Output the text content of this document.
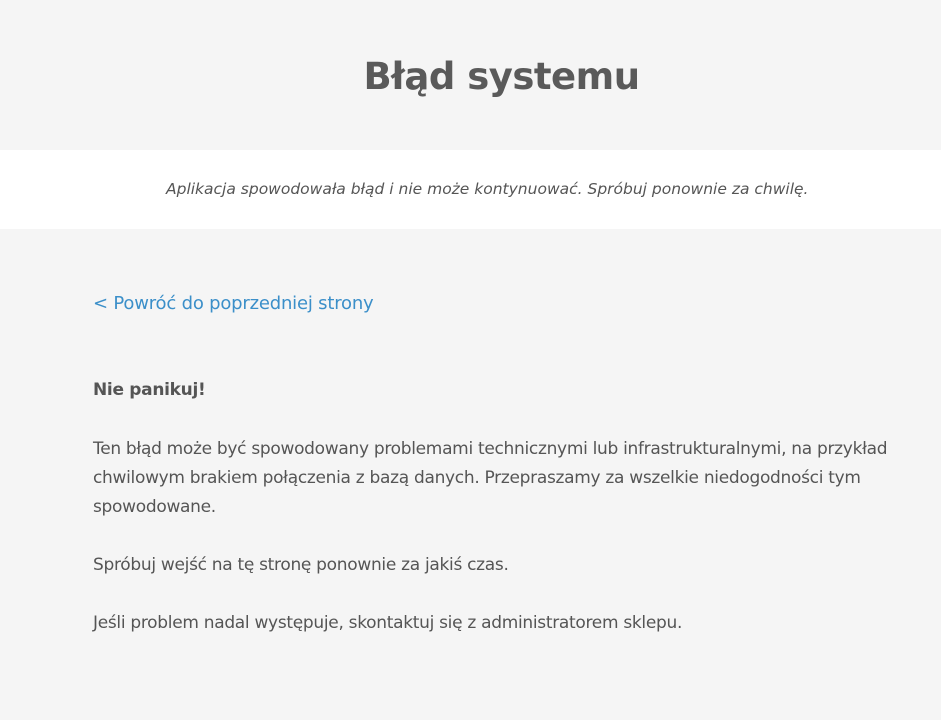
Błąd systemu

Aplikacja spowodowała błąd i nie może kontynuować. Spróbuj ponownie za chwilę.

< Powróć do poprzedniej strony

Nie panikuj!

Ten błąd może być spowodowany problemami technicznymi lub infrastrukturalnymi, na przykład chwilowym brakiem połączenia z bazą danych. Przepraszamy za wszelkie niedogodności tym spowodowane.

Spróbuj wejść na tę stronę ponownie za jakiś czas.

Jeśli problem nadal występuje, skontaktuj się z administratorem sklepu.
